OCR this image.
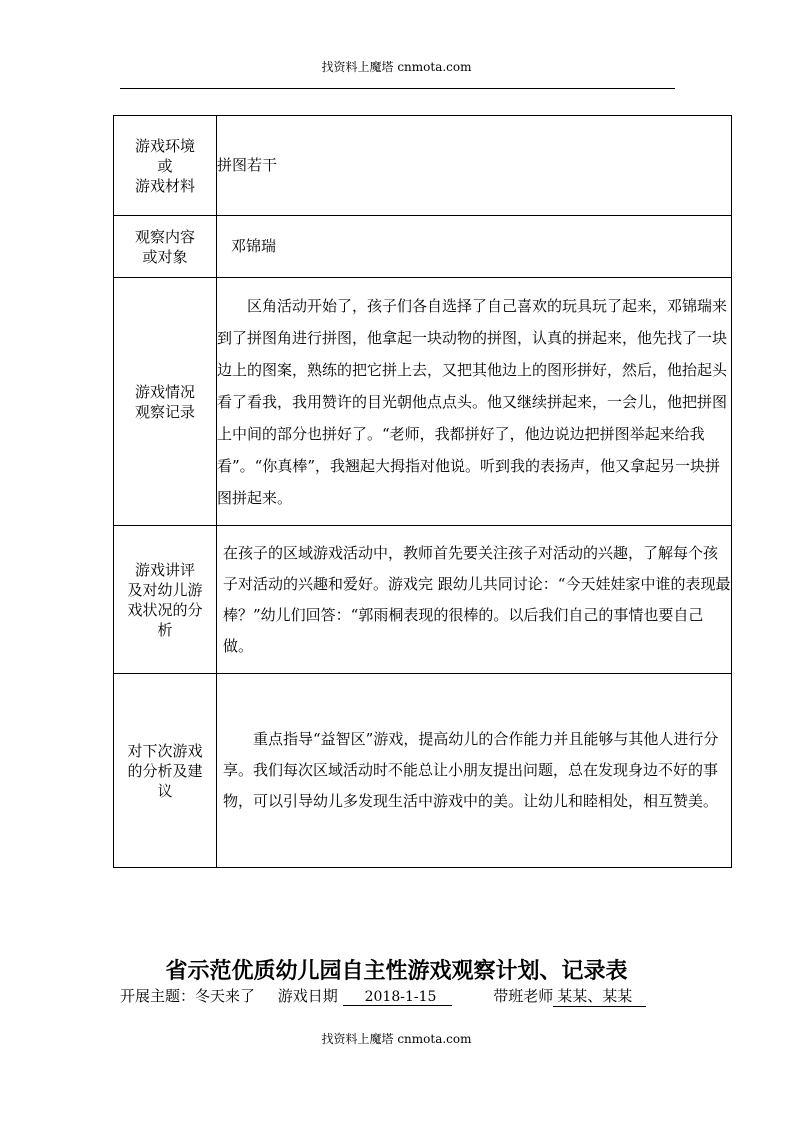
找资料上魔塔 cnmota.com
游戏环境
或
游戏材料	拼图若干
观察内容
或对象	邓锦瑞
游戏情况
观察记录	区角活动开始了，孩子们各自选择了自己喜欢的玩具玩了起来，邓锦瑞来到了拼图角进行拼图，他拿起一块动物的拼图，认真的拼起来，他先找了一块边上的图案，熟练的把它拼上去，又把其他边上的图形拼好，然后，他抬起头看了看我，我用赞许的目光朝他点点头。他又继续拼起来，一会儿，他把拼图上中间的部分也拼好了。“老师，我都拼好了，他边说边把拼图举起来给我看”。“你真棒”，我翘起大拇指对他说。听到我的表扬声，他又拿起另一块拼图拼起来。
游戏讲评
及对幼儿游
戏状况的分
析	在孩子的区域游戏活动中，教师首先要关注孩子对活动的兴趣，了解每个孩子对活动的兴趣和爱好。游戏完 跟幼儿共同讨论：“今天娃娃家中谁的表现最棒？”幼儿们回答：“郭雨桐表现的很棒的。以后我们自己的事情也要自己做。
对下次游戏
的分析及建
议	重点指导“益智区”游戏，提高幼儿的合作能力并且能够与其他人进行分享。我们每次区域活动时不能总让小朋友提出问题，总在发现身边不好的事物，可以引导幼儿多发现生活中游戏中的美。让幼儿和睦相处，相互赞美。
省示范优质幼儿园自主性游戏观察计划、记录表
开展主题：冬天来了 游戏日期 2018-1-15	带班老师 某某、某某
找资料上魔塔 cnmota.com
